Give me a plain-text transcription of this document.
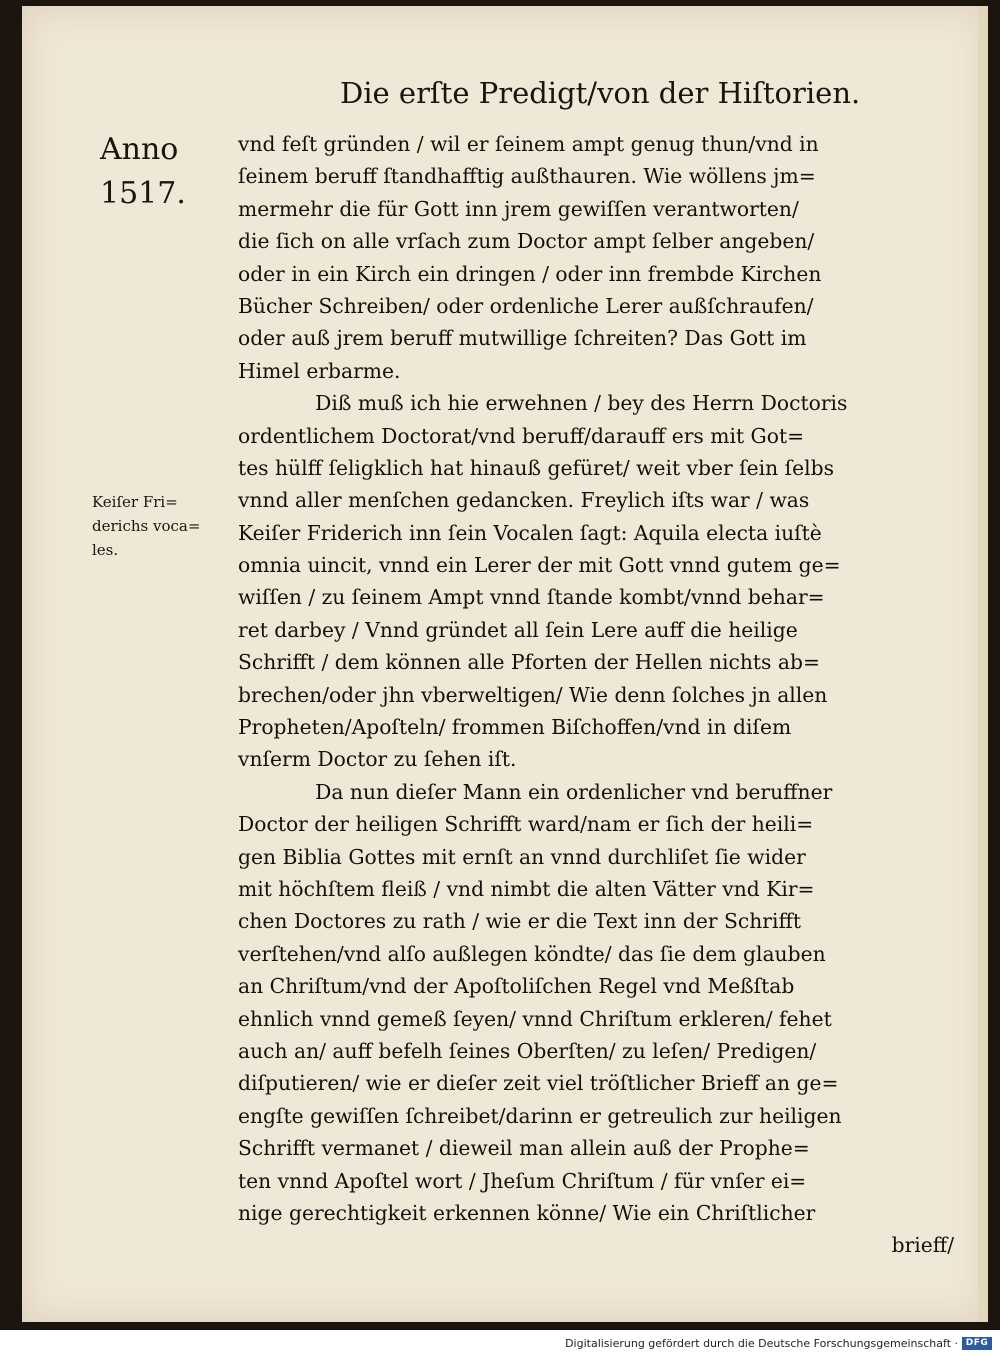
Die erſte Predigt/von der Hiſtorien.
Anno
1517.
Keiſer Fri=
derichs voca=
les.
vnd feſt gründen / wil er ſeinem ampt genug thun/vnd in
ſeinem beruff ſtandhafftig außthauren. Wie wöllens jm=
mermehr die für Gott inn jrem gewiſſen verantworten/
die ſich on alle vrſach zum Doctor ampt ſelber angeben/
oder in ein Kirch ein dringen / oder inn frembde Kirchen
Bücher Schreiben/ oder ordenliche Lerer außſchraufen/
oder auß jrem beruff mutwillige ſchreiten? Das Gott im
Himel erbarme.
Diß muß ich hie erwehnen / bey des Herrn Doctoris
ordentlichem Doctorat/vnd beruff/darauff ers mit Got=
tes hülff ſeligklich hat hinauß gefüret/ weit vber ſein ſelbs
vnnd aller menſchen gedancken. Freylich iſts war / was
Keiſer Friderich inn ſein Vocalen ſagt: Aquila electa iuſtè
omnia uincit, vnnd ein Lerer der mit Gott vnnd gutem ge=
wiſſen / zu ſeinem Ampt vnnd ſtande kombt/vnnd behar=
ret darbey / Vnnd gründet all ſein Lere auff die heilige
Schrifft / dem können alle Pforten der Hellen nichts ab=
brechen/oder jhn vberweltigen/ Wie denn ſolches jn allen
Propheten/Apoſteln/ frommen Biſchoffen/vnd in diſem
vnſerm Doctor zu ſehen iſt.
Da nun dieſer Mann ein ordenlicher vnd beruffner
Doctor der heiligen Schrifft ward/nam er ſich der heili=
gen Biblia Gottes mit ernſt an vnnd durchliſet ſie wider
mit höchſtem fleiß / vnd nimbt die alten Vätter vnd Kir=
chen Doctores zu rath / wie er die Text inn der Schrifft
verſtehen/vnd alſo außlegen köndte/ das ſie dem glauben
an Chriſtum/vnd der Apoſtoliſchen Regel vnd Meßſtab
ehnlich vnnd gemeß ſeyen/ vnnd Chriſtum erkleren/ fehet
auch an/ auff befelh ſeines Oberſten/ zu leſen/ Predigen/
diſputieren/ wie er dieſer zeit viel tröſtlicher Brieff an ge=
engſte gewiſſen ſchreibet/darinn er getreulich zur heiligen
Schrifft vermanet / dieweil man allein auß der Prophe=
ten vnnd Apoſtel wort / Jheſum Chriſtum / für vnſer ei=
nige gerechtigkeit erkennen könne/ Wie ein Chriſtlicher
brieff/
Digitalisierung gefördert durch die Deutsche Forschungsgemeinschaft · DFG
